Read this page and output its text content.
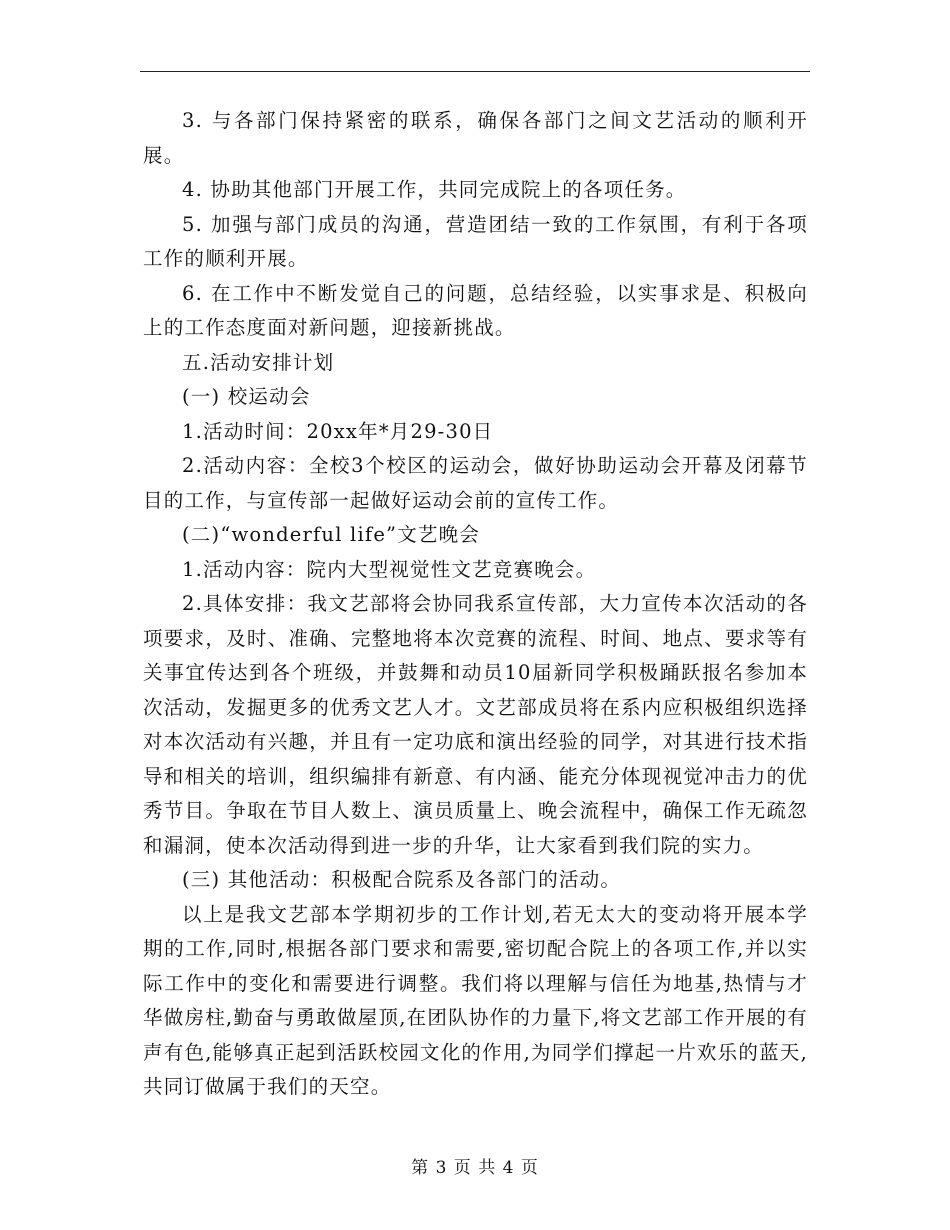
3. 与各部门保持紧密的联系，确保各部门之间文艺活动的顺利开展。

4. 协助其他部门开展工作，共同完成院上的各项任务。

5. 加强与部门成员的沟通，营造团结一致的工作氛围，有利于各项工作的顺利开展。

6. 在工作中不断发觉自己的问题，总结经验，以实事求是、积极向上的工作态度面对新问题，迎接新挑战。

五.活动安排计划

(一) 校运动会

1.活动时间：20xx年*月29-30日

2.活动内容：全校3个校区的运动会，做好协助运动会开幕及闭幕节目的工作，与宣传部一起做好运动会前的宣传工作。

(二)“wonderful life”文艺晚会

1.活动内容：院内大型视觉性文艺竞赛晚会。

2.具体安排：我文艺部将会协同我系宣传部，大力宣传本次活动的各项要求，及时、准确、完整地将本次竞赛的流程、时间、地点、要求等有关事宜传达到各个班级，并鼓舞和动员10届新同学积极踊跃报名参加本次活动，发掘更多的优秀文艺人才。文艺部成员将在系内应积极组织选择对本次活动有兴趣，并且有一定功底和演出经验的同学，对其进行技术指导和相关的培训，组织编排有新意、有内涵、能充分体现视觉冲击力的优秀节目。争取在节目人数上、演员质量上、晚会流程中，确保工作无疏忽和漏洞，使本次活动得到进一步的升华，让大家看到我们院的实力。

(三) 其他活动：积极配合院系及各部门的活动。

以上是我文艺部本学期初步的工作计划,若无太大的变动将开展本学期的工作,同时,根据各部门要求和需要,密切配合院上的各项工作,并以实际工作中的变化和需要进行调整。我们将以理解与信任为地基,热情与才华做房柱,勤奋与勇敢做屋顶,在团队协作的力量下,将文艺部工作开展的有声有色,能够真正起到活跃校园文化的作用,为同学们撑起一片欢乐的蓝天,共同订做属于我们的天空。

第 3 页 共 4 页
